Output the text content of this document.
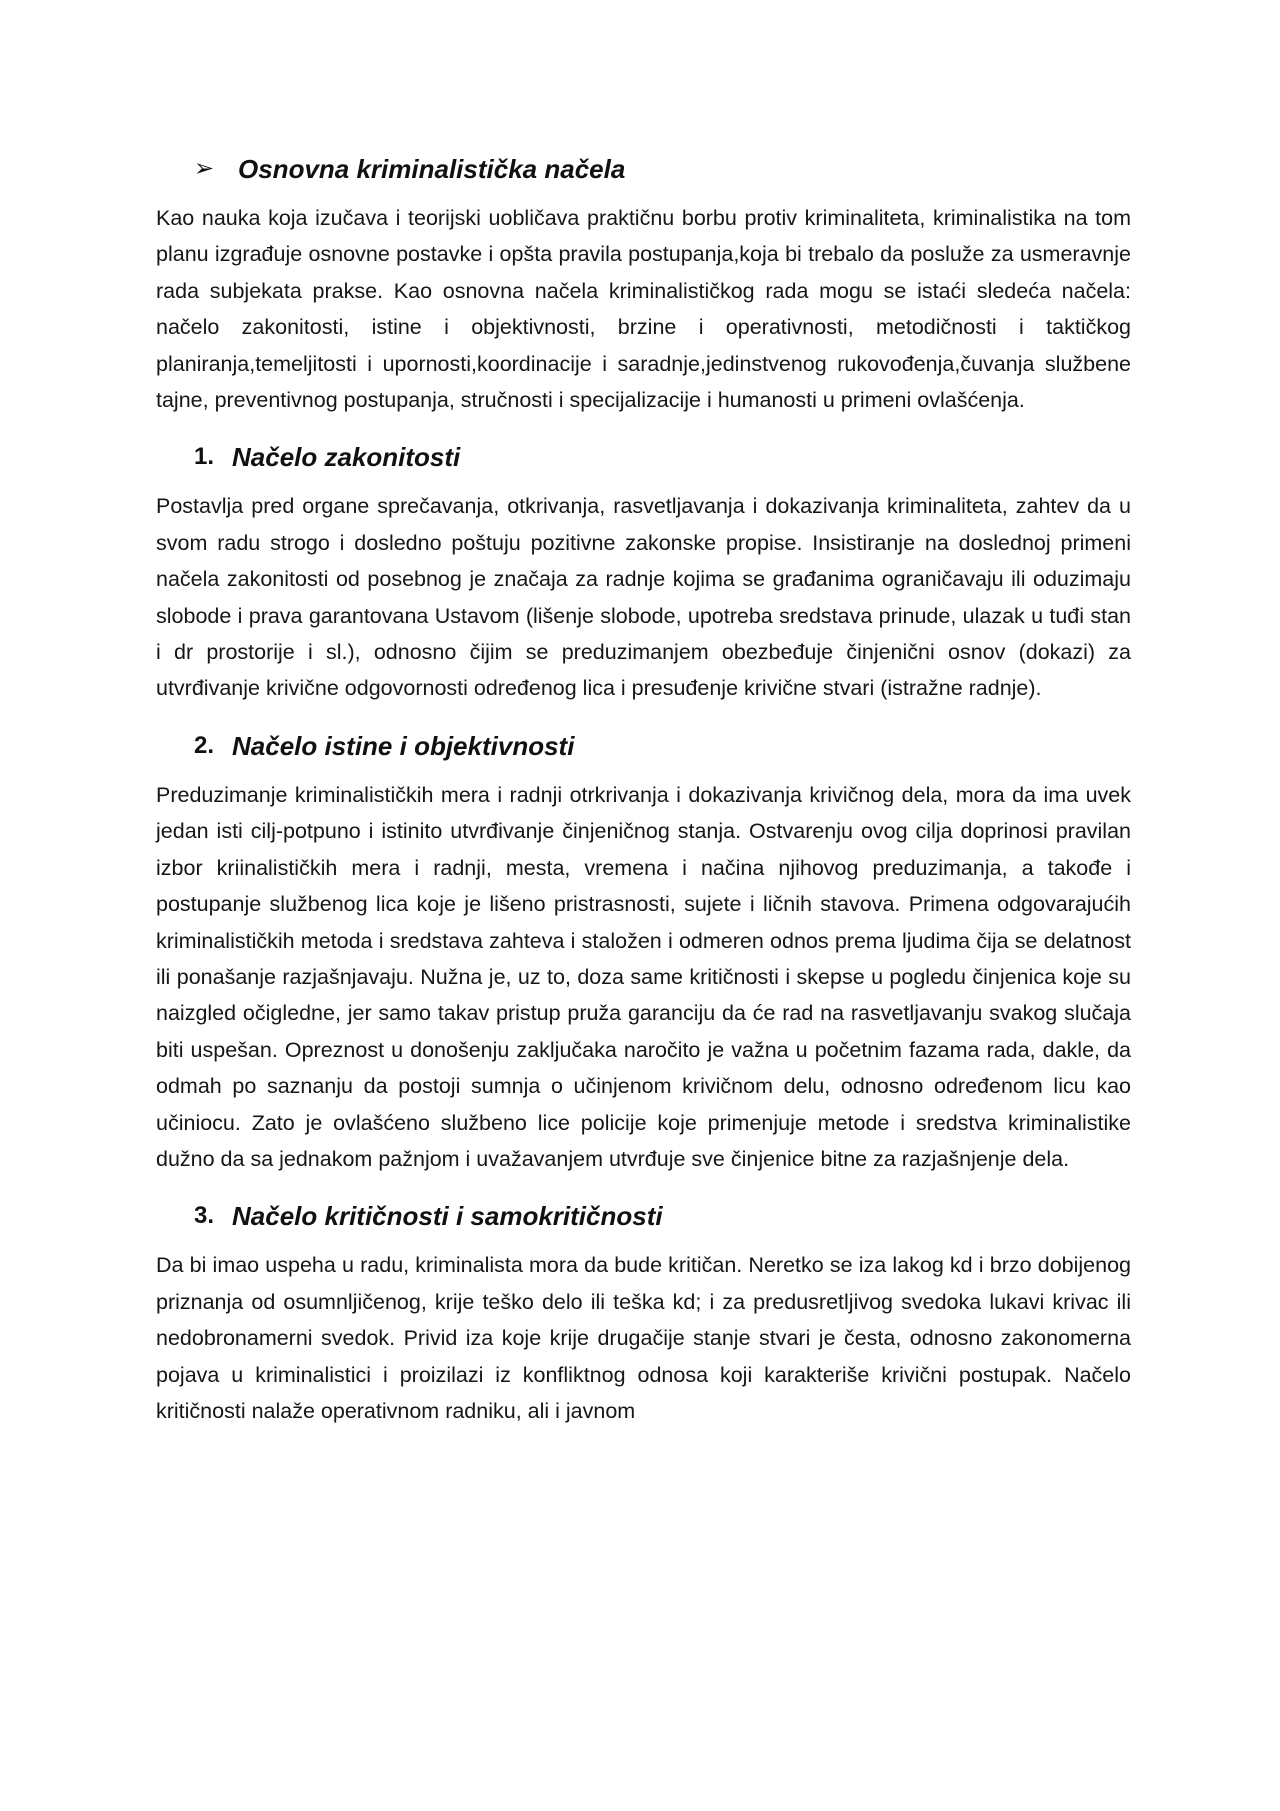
➢ Osnovna kriminalistička načela

Kao nauka koja izučava i teorijski uobličava praktičnu borbu protiv kriminaliteta, kriminalistika na tom planu izgrađuje osnovne postavke i opšta pravila postupanja,koja bi trebalo da posluže za usmeravnje rada subjekata prakse. Kao osnovna načela kriminalističkog rada mogu se istaći sledeća načela: načelo zakonitosti, istine i objektivnosti, brzine i operativnosti, metodičnosti i taktičkog planiranja,temeljitosti i upornosti,koordinacije i saradnje,jedinstvenog rukovođenja,čuvanja službene tajne, preventivnog postupanja, stručnosti i specijalizacije i humanosti u primeni ovlašćenja.

1. Načelo zakonitosti

Postavlja pred organe sprečavanja, otkrivanja, rasvetljavanja i dokazivanja kriminaliteta, zahtev da u svom radu strogo i dosledno poštuju pozitivne zakonske propise. Insistiranje na doslednoj primeni načela zakonitosti od posebnog je značaja za radnje kojima se građanima ograničavaju ili oduzimaju slobode i prava garantovana Ustavom (lišenje slobode, upotreba sredstava prinude, ulazak u tuđi stan i dr prostorije i sl.), odnosno čijim se preduzimanjem obezbeđuje činjenični osnov (dokazi) za utvrđivanje krivične odgovornosti određenog lica i presuđenje krivične stvari (istražne radnje).

2. Načelo istine i objektivnosti

Preduzimanje kriminalističkih mera i radnji otrkrivanja i dokazivanja krivičnog dela, mora da ima uvek jedan isti cilj-potpuno i istinito utvrđivanje činjeničnog stanja. Ostvarenju ovog cilja doprinosi pravilan izbor kriinalističkih mera i radnji, mesta, vremena i načina njihovog preduzimanja, a takođe i postupanje službenog lica koje je lišeno pristrasnosti, sujete i ličnih stavova. Primena odgovarajućih kriminalističkih metoda i sredstava zahteva i staložen i odmeren odnos prema ljudima čija se delatnost ili ponašanje razjašnjavaju. Nužna je, uz to, doza same kritičnosti i skepse u pogledu činjenica koje su naizgled očigledne, jer samo takav pristup pruža garanciju da će rad na rasvetljavanju svakog slučaja biti uspešan. Opreznost u donošenju zaključaka naročito je važna u početnim fazama rada, dakle, da odmah po saznanju da postoji sumnja o učinjenom krivičnom delu, odnosno određenom licu kao učiniocu. Zato je ovlašćeno službeno lice policije koje primenjuje metode i sredstva kriminalistike dužno da sa jednakom pažnjom i uvažavanjem utvrđuje sve činjenice bitne za razjašnjenje dela.

3. Načelo kritičnosti i samokritičnosti

Da bi imao uspeha u radu, kriminalista mora da bude kritičan. Neretko se iza lakog kd i brzo dobijenog priznanja od osumnljičenog, krije teško delo ili teška kd; i za predusretljivog svedoka lukavi krivac ili nedobronamerni svedok. Privid iza koje krije drugačije stanje stvari je česta, odnosno zakonomerna pojava u kriminalistici i proizilazi iz konfliktnog odnosa koji karakteriše krivični postupak. Načelo kritičnosti nalaže operativnom radniku, ali i javnom
